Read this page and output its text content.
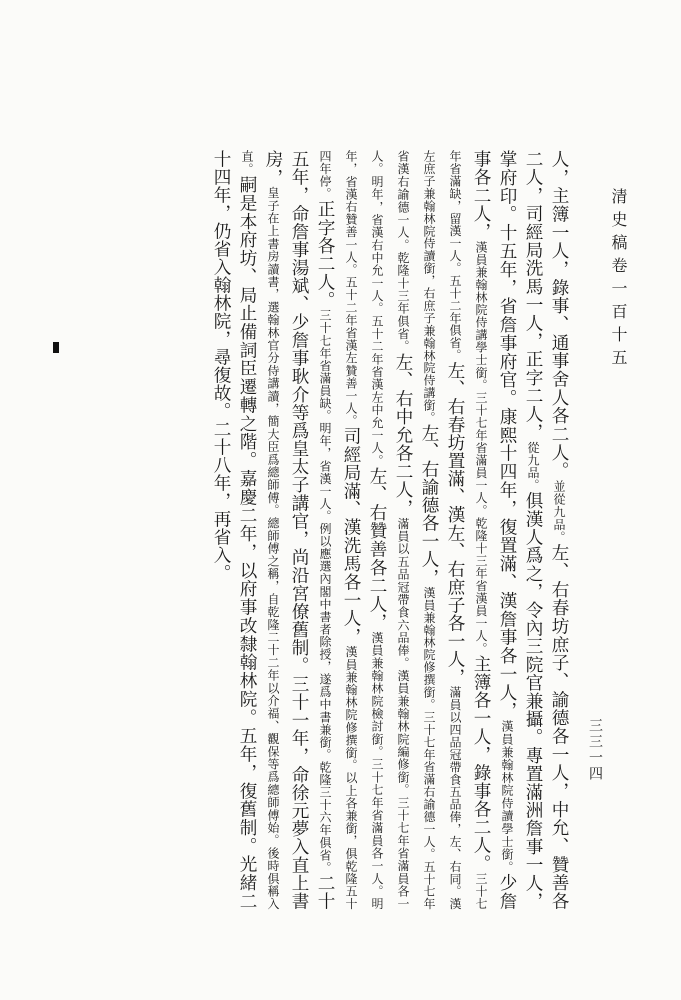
清史稿卷一百十五
三三一四
人，主簿一人，錄事、通事舍人各二人。並從九品。左、右春坊庶子、諭德各一人，中允、贊善各二人，司經局洗馬一人，正字二人，從九品。俱漢人爲之，令內三院官兼攝。專置滿洲詹事一人，掌府印。十五年，省詹事府官。康熙十四年，復置滿、漢詹事各一人，漢員兼翰林院侍讀學士銜。少詹事各二人，漢員兼翰林院侍講學士銜。三十七年省滿員一人。乾隆十三年省漢員一人。主簿各一人，錄事各二人。三十七年省滿缺，留漢一人。五十二年俱省。左、右春坊置滿、漢左、右庶子各一人，滿員以四品冠帶食五品俸，左、右同。漢左庶子兼翰林院侍讀銜，右庶子兼翰林院侍講銜。左、右諭德各一人，漢員兼翰林院修撰銜。三十七年省滿右諭德一人。五十七年省漢右諭德一人。乾隆十三年俱省。左、右中允各二人，滿員以五品冠帶食六品俸。漢員兼翰林院編修銜。三十七年省滿員各一人。明年，省漢右中允一人。五十二年省漢左中允一人。左、右贊善各二人，漢員兼翰林院檢討銜。三十七年省滿員各一人。明年，省漢右贊善一人。五十二年省漢左贊善一人。司經局滿、漢洗馬各一人，漢員兼翰林院修撰銜。以上各兼銜，俱乾隆五十四年停。正字各二人。三十七年省滿員缺。明年，省漢一人。例以應選內閣中書者除授，遂爲中書兼銜。乾隆三十六年俱省。二十五年，命詹事湯斌、少詹事耿介等爲皇太子講官，尚沿宮僚舊制。三十一年，命徐元夢入直上書房，皇子在上書房讀書，選翰林官分侍講讀，簡大臣爲總師傅。總師傅之稱，自乾隆二十二年以介福、觀保等爲總師傅始。後時俱稱入直。嗣是本府坊、局止備詞臣遷轉之階。嘉慶二年，以府事改隸翰林院。五年，復舊制。光緒二十四年，仍省入翰林院，尋復故。二十八年，再省入。
